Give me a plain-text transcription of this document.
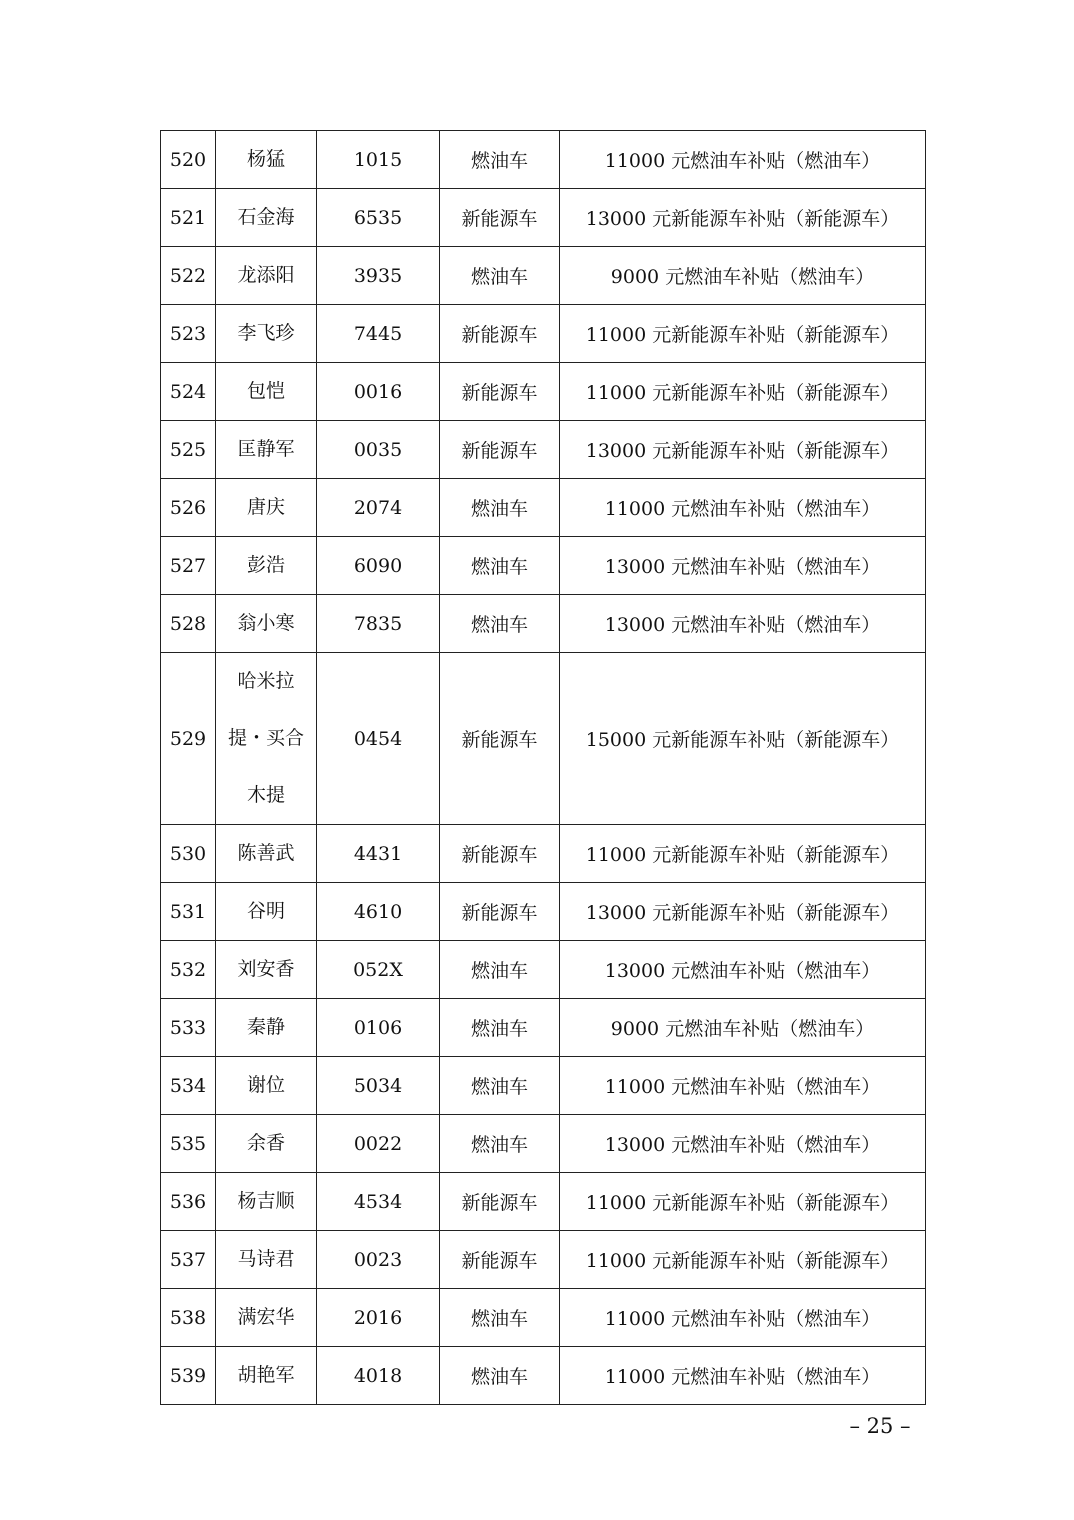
520	杨猛	1015	燃油车	11000 元燃油车补贴（燃油车）
521	石金海	6535	新能源车	13000 元新能源车补贴（新能源车）
522	龙添阳	3935	燃油车	9000 元燃油车补贴（燃油车）
523	李飞珍	7445	新能源车	11000 元新能源车补贴（新能源车）
524	包恺	0016	新能源车	11000 元新能源车补贴（新能源车）
525	匡静军	0035	新能源车	13000 元新能源车补贴（新能源车）
526	唐庆	2074	燃油车	11000 元燃油车补贴（燃油车）
527	彭浩	6090	燃油车	13000 元燃油车补贴（燃油车）
528	翁小寒	7835	燃油车	13000 元燃油车补贴（燃油车）
529	哈米拉提・买合木提	0454	新能源车	15000 元新能源车补贴（新能源车）
530	陈善武	4431	新能源车	11000 元新能源车补贴（新能源车）
531	谷明	4610	新能源车	13000 元新能源车补贴（新能源车）
532	刘安香	052X	燃油车	13000 元燃油车补贴（燃油车）
533	秦静	0106	燃油车	9000 元燃油车补贴（燃油车）
534	谢位	5034	燃油车	11000 元燃油车补贴（燃油车）
535	余香	0022	燃油车	13000 元燃油车补贴（燃油车）
536	杨吉顺	4534	新能源车	11000 元新能源车补贴（新能源车）
537	马诗君	0023	新能源车	11000 元新能源车补贴（新能源车）
538	满宏华	2016	燃油车	11000 元燃油车补贴（燃油车）
539	胡艳军	4018	燃油车	11000 元燃油车补贴（燃油车）
– 25 –
